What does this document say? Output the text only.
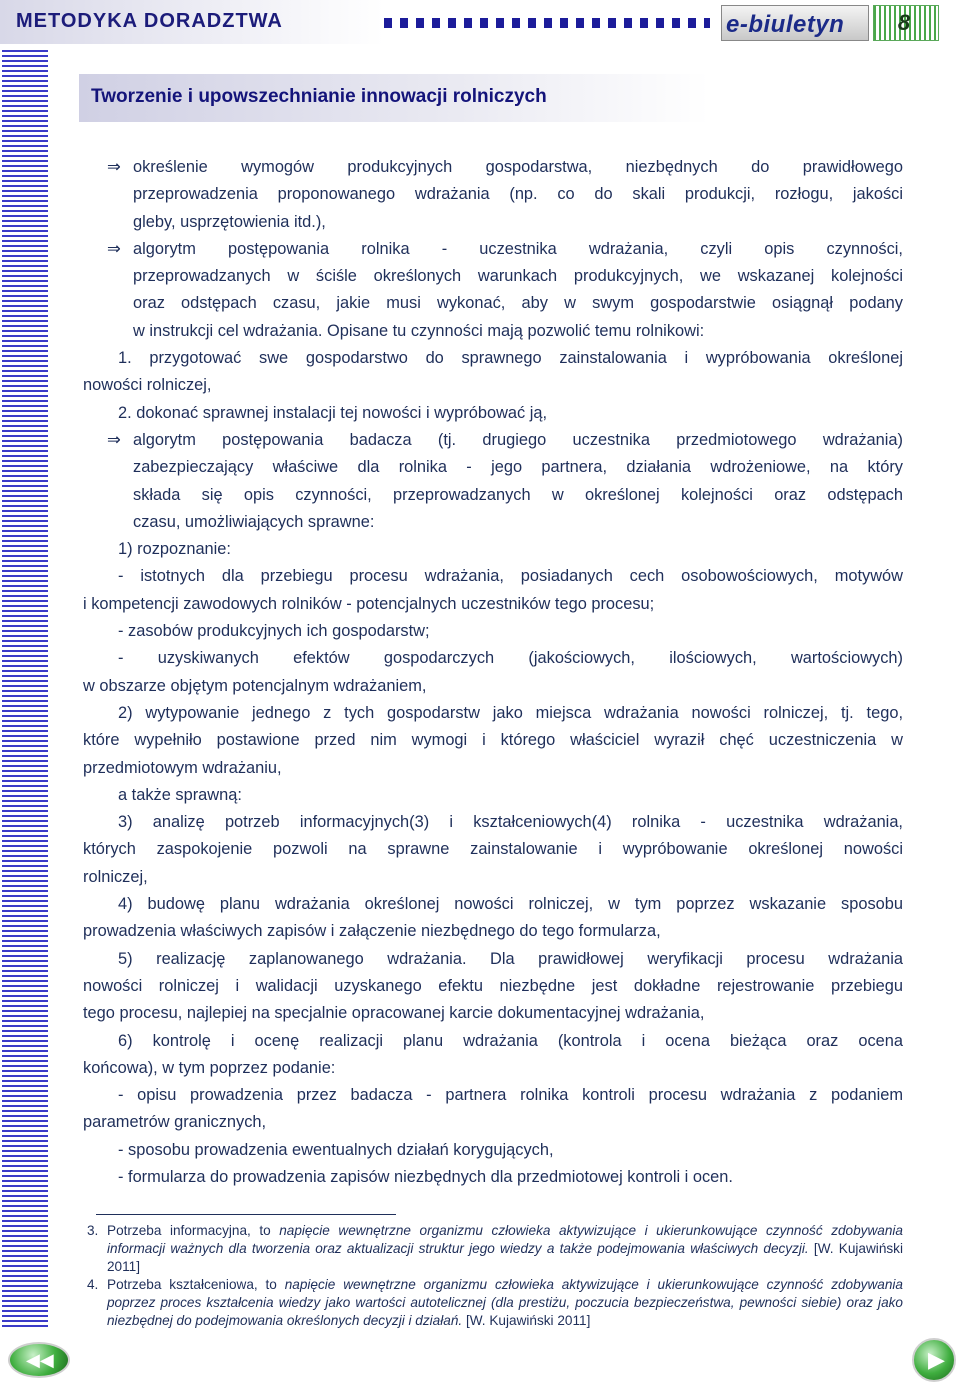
METODYKA DORADZTWA	e-biuletyn	8
Tworzenie i upowszechnianie innowacji rolniczych
⇒ określenie wymogów produkcyjnych gospodarstwa, niezbędnych do prawidłowego
przeprowadzenia proponowanego wdrażania (np. co do skali produkcji, rozłogu, jakości
gleby, usprzętowienia itd.),
⇒ algorytm postępowania rolnika - uczestnika wdrażania, czyli opis czynności,
przeprowadzanych w ściśle określonych warunkach produkcyjnych, we wskazanej kolejności
oraz odstępach czasu, jakie musi wykonać, aby w swym gospodarstwie osiągnął podany
w instrukcji cel wdrażania. Opisane tu czynności mają pozwolić temu rolnikowi:
1. przygotować swe gospodarstwo do sprawnego zainstalowania i wypróbowania określonej
nowości rolniczej,
2. dokonać sprawnej instalacji tej nowości i wypróbować ją,
⇒ algorytm postępowania badacza (tj. drugiego uczestnika przedmiotowego wdrażania)
zabezpieczający właściwe dla rolnika - jego partnera, działania wdrożeniowe, na który
składa się opis czynności, przeprowadzanych w określonej kolejności oraz odstępach
czasu, umożliwiających sprawne:
1) rozpoznanie:
- istotnych dla przebiegu procesu wdrażania, posiadanych cech osobowościowych, motywów
i kompetencji zawodowych rolników - potencjalnych uczestników tego procesu;
- zasobów produkcyjnych ich gospodarstw;
- uzyskiwanych efektów gospodarczych (jakościowych, ilościowych, wartościowych)
w obszarze objętym potencjalnym wdrażaniem,
2) wytypowanie jednego z tych gospodarstw jako miejsca wdrażania nowości rolniczej, tj. tego,
które wypełniło postawione przed nim wymogi i którego właściciel wyraził chęć uczestniczenia w
przedmiotowym wdrażaniu,
a także sprawną:
3) analizę potrzeb informacyjnych(3) i kształceniowych(4) rolnika - uczestnika wdrażania,
których zaspokojenie pozwoli na sprawne zainstalowanie i wypróbowanie określonej nowości
rolniczej,
4) budowę planu wdrażania określonej nowości rolniczej, w tym poprzez wskazanie sposobu
prowadzenia właściwych zapisów i załączenie niezbędnego do tego formularza,
5) realizację zaplanowanego wdrażania. Dla prawidłowej weryfikacji procesu wdrażania
nowości rolniczej i walidacji uzyskanego efektu niezbędne jest dokładne rejestrowanie przebiegu
tego procesu, najlepiej na specjalnie opracowanej karcie dokumentacyjnej wdrażania,
6) kontrolę i ocenę realizacji planu wdrażania (kontrola i ocena bieżąca oraz ocena
końcowa), w tym poprzez podanie:
- opisu prowadzenia przez badacza - partnera rolnika kontroli procesu wdrażania z podaniem
parametrów granicznych,
- sposobu prowadzenia ewentualnych działań korygujących,
- formularza do prowadzenia zapisów niezbędnych dla przedmiotowej kontroli i ocen.
3. Potrzeba informacyjna, to napięcie wewnętrzne organizmu człowieka aktywizujące i ukierunkowujące czynność zdobywania informacji ważnych dla tworzenia oraz aktualizacji struktur jego wiedzy a także podejmowania właściwych decyzji. [W. Kujawiński 2011]
4. Potrzeba kształceniowa, to napięcie wewnętrzne organizmu człowieka aktywizujące i ukierunkowujące czynność zdobywania poprzez proces kształcenia wiedzy jako wartości autotelicznej (dla prestiżu, poczucia bezpieczeństwa, pewności siebie) oraz jako niezbędnej do podejmowania określonych decyzji i działań. [W. Kujawiński 2011]
◀◀	▶
